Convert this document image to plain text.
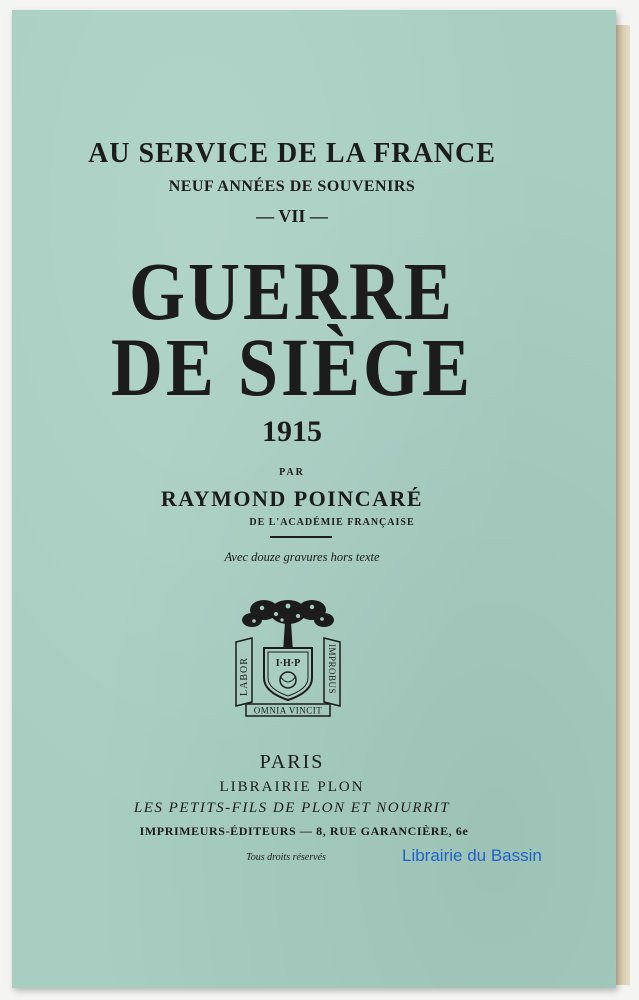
AU SERVICE DE LA FRANCE
NEUF ANNÉES DE SOUVENIRS
— VII —
GUERRE
DE SIÈGE
1915
PAR
RAYMOND POINCARÉ
DE L'ACADÉMIE FRANÇAISE
Avec douze gravures hors texte
LABOR	IMPROBUS
I·H·P
OMNIA VINCIT
PARIS
LIBRAIRIE PLON
LES PETITS-FILS DE PLON ET NOURRIT
IMPRIMEURS-ÉDITEURS — 8, RUE GARANCIÈRE, 6e
Tous droits réservés	Librairie du Bassin
